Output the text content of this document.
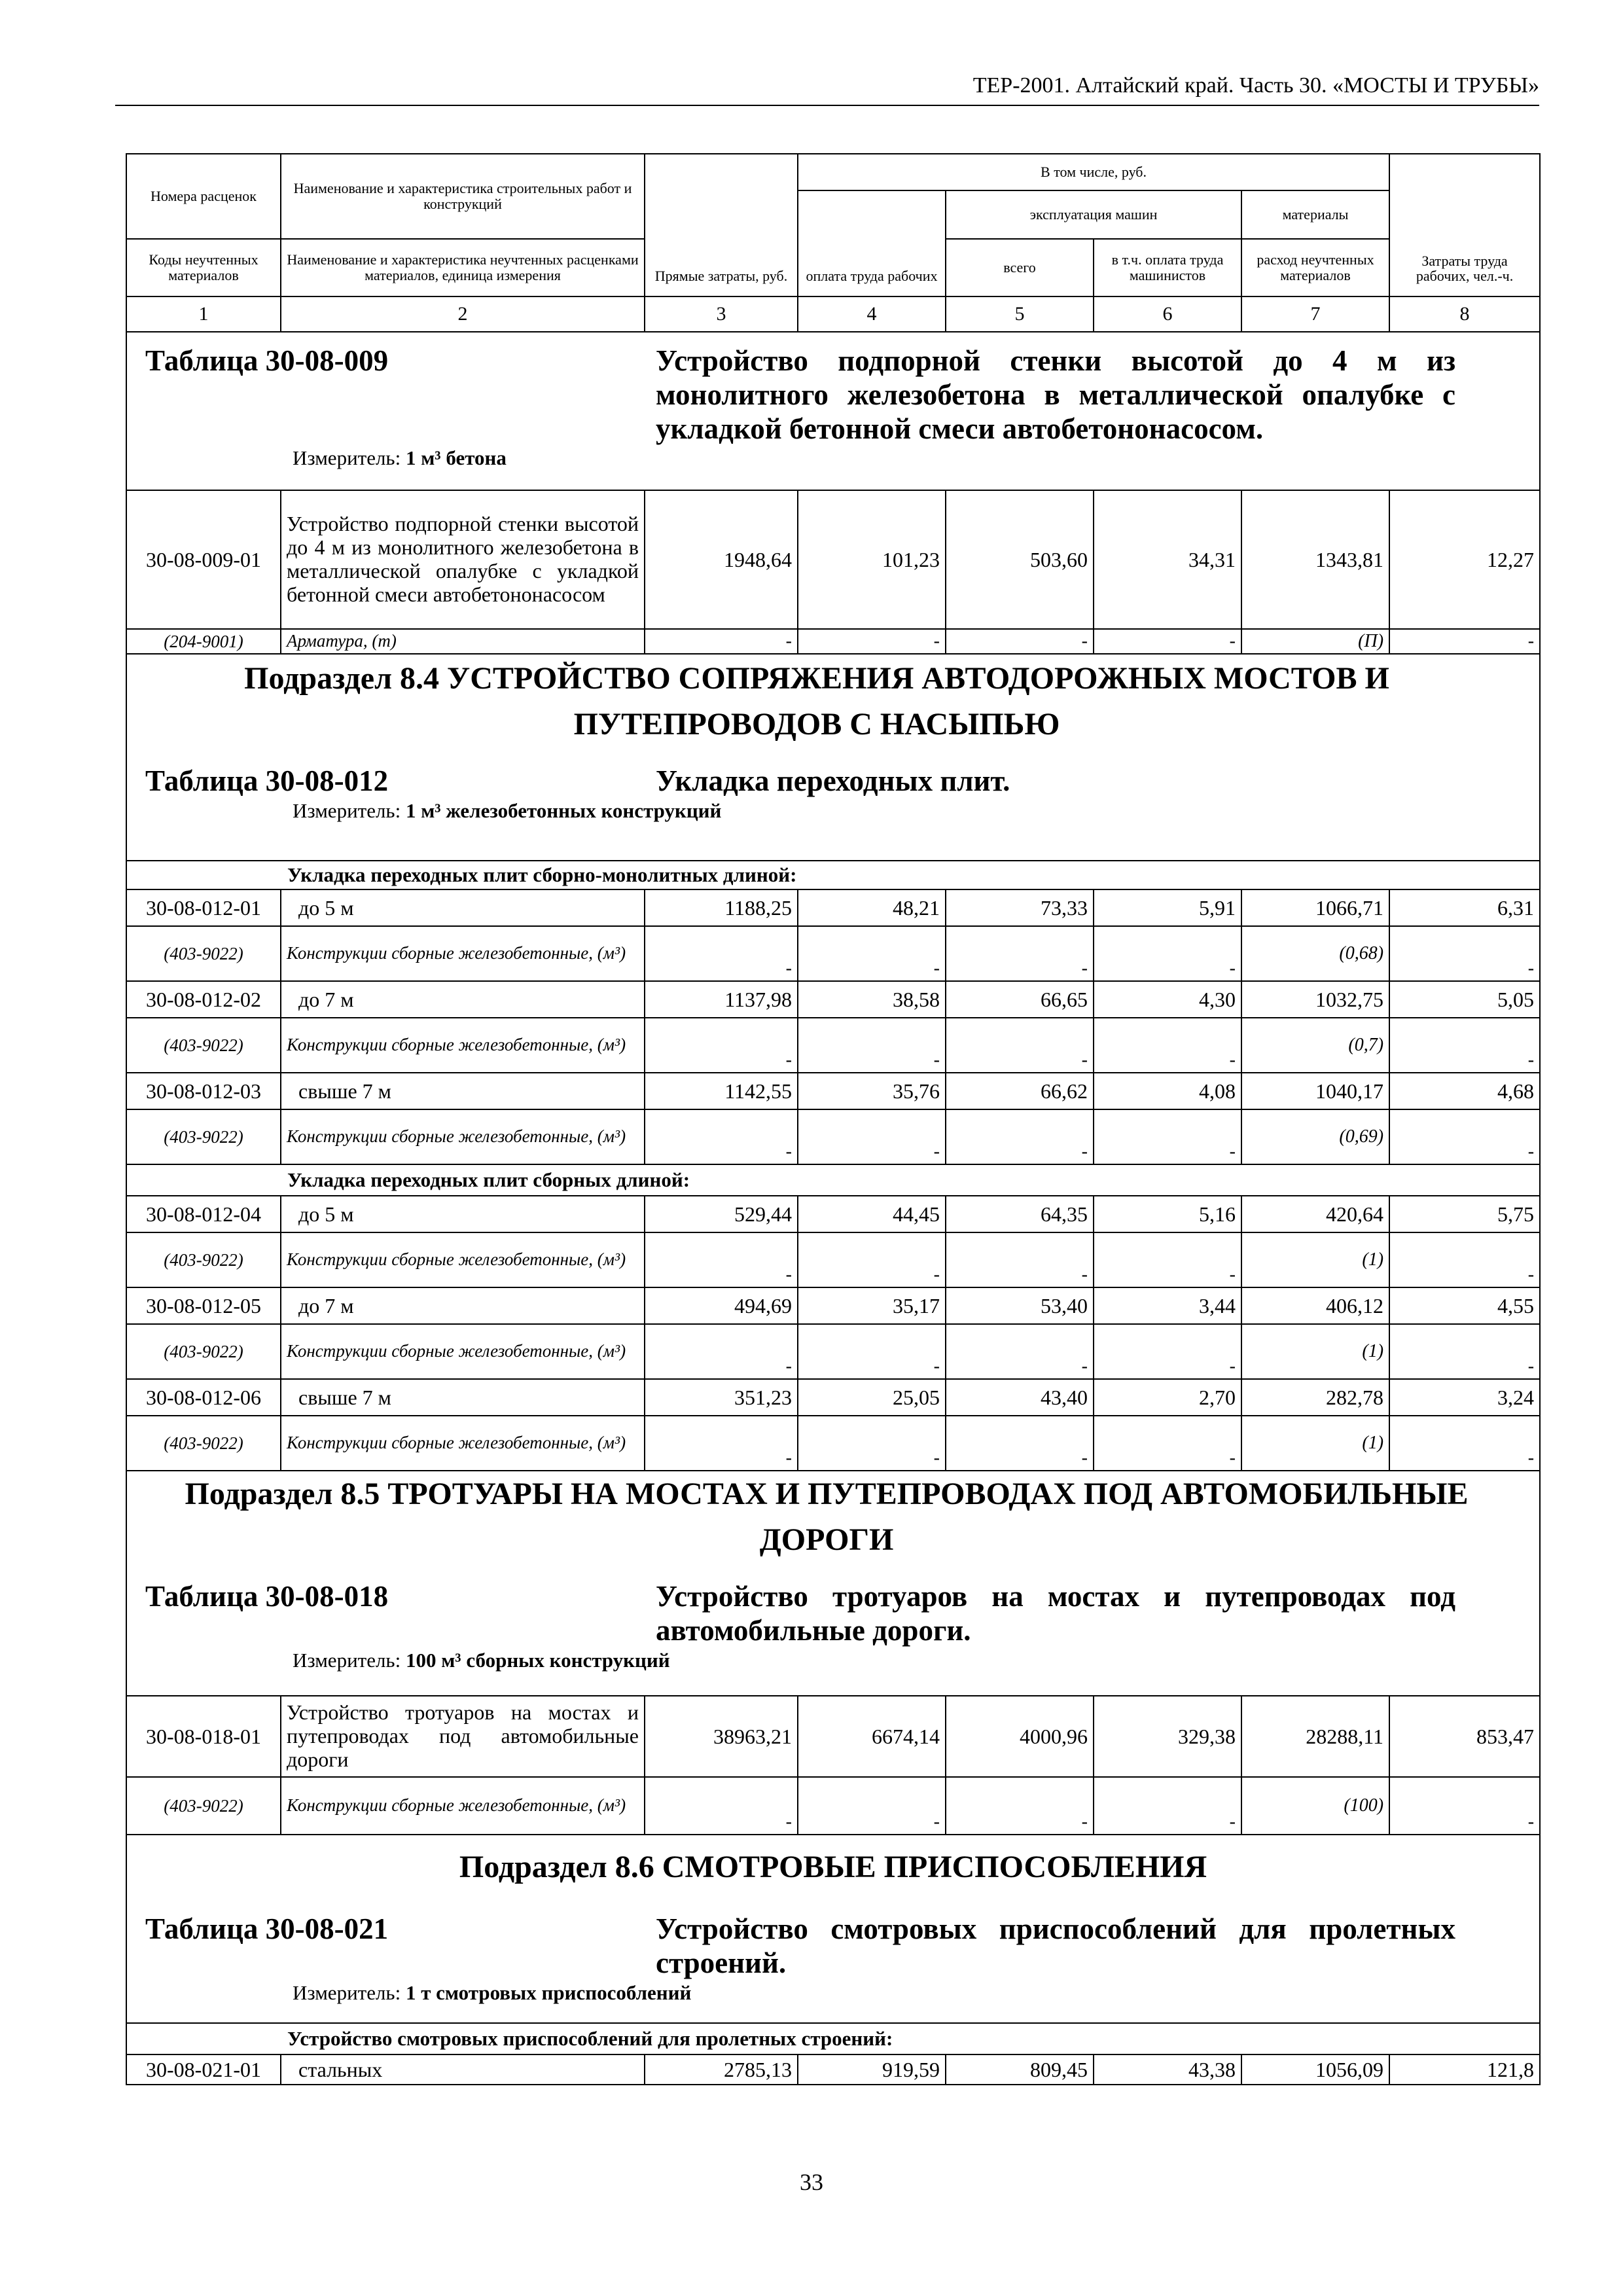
ТЕР-2001. Алтайский край. Часть 30. «МОСТЫ И ТРУБЫ»
Номера расценок	Наименование и характеристика строительных работ и конструкций	Прямые затраты, руб.	В том числе, руб.				Затраты труда рабочих, чел.-ч.
			оплата труда рабочих	эксплуатация машин		материалы	
Коды неучтенных материалов	Наименование и характеристика неучтенных расценками материалов, единица измерения			всего	в т.ч. оплата труда машинистов	расход неучтенных материалов	
1	2	3	4	5	6	7	8

Таблица 30-08-009 Устройство подпорной стенки высотой до 4 м из монолитного железобетона в металлической опалубке с укладкой бетонной смеси автобетононасосом.
Измеритель: 1 м³ бетона							

30-08-009-01	Устройство подпорной стенки высотой до 4 м из монолитного железобетона в металлической опалубке с укладкой бетонной смеси автобетононасосом	1948,64	101,23	503,60	34,31	1343,81	12,27
(204-9001)	Арматура, (т)	-	-	-	-	(П)	-

Подраздел 8.4 УСТРОЙСТВО СОПРЯЖЕНИЯ АВТОДОРОЖНЫХ МОСТОВ И ПУТЕПРОВОДОВ С НАСЫПЬЮ
Таблица 30-08-012 Укладка переходных плит.
Измеритель: 1 м³ железобетонных конструкций							

Укладка переходных плит сборно-монолитных длиной:							
30-08-012-01	до 5 м	1188,25	48,21	73,33	5,91	1066,71	6,31
(403-9022)	Конструкции сборные железобетонные, (м³)	-	-	-	-	(0,68)	-
30-08-012-02	до 7 м	1137,98	38,58	66,65	4,30	1032,75	5,05
(403-9022)	Конструкции сборные железобетонные, (м³)	-	-	-	-	(0,7)	-
30-08-012-03	свыше 7 м	1142,55	35,76	66,62	4,08	1040,17	4,68
(403-9022)	Конструкции сборные железобетонные, (м³)	-	-	-	-	(0,69)	-
Укладка переходных плит сборных длиной:							
30-08-012-04	до 5 м	529,44	44,45	64,35	5,16	420,64	5,75
(403-9022)	Конструкции сборные железобетонные, (м³)	-	-	-	-	(1)	-
30-08-012-05	до 7 м	494,69	35,17	53,40	3,44	406,12	4,55
(403-9022)	Конструкции сборные железобетонные, (м³)	-	-	-	-	(1)	-
30-08-012-06	свыше 7 м	351,23	25,05	43,40	2,70	282,78	3,24
(403-9022)	Конструкции сборные железобетонные, (м³)	-	-	-	-	(1)	-

Подраздел 8.5 ТРОТУАРЫ НА МОСТАХ И ПУТЕПРОВОДАХ ПОД АВТОМОБИЛЬНЫЕ ДОРОГИ
Таблица 30-08-018 Устройство тротуаров на мостах и путепроводах под автомобильные дороги.
Измеритель: 100 м³ сборных конструкций							

30-08-018-01	Устройство тротуаров на мостах и путепроводах под автомобильные дороги	38963,21	6674,14	4000,96	329,38	28288,11	853,47
(403-9022)	Конструкции сборные железобетонные, (м³)	-	-	-	-	(100)	-

Подраздел 8.6 СМОТРОВЫЕ ПРИСПОСОБЛЕНИЯ
Таблица 30-08-021 Устройство смотровых приспособлений для пролетных строений.
Измеритель: 1 т смотровых приспособлений							

Устройство смотровых приспособлений для пролетных строений:							
30-08-021-01	стальных	2785,13	919,59	809,45	43,38	1056,09	121,8
33
